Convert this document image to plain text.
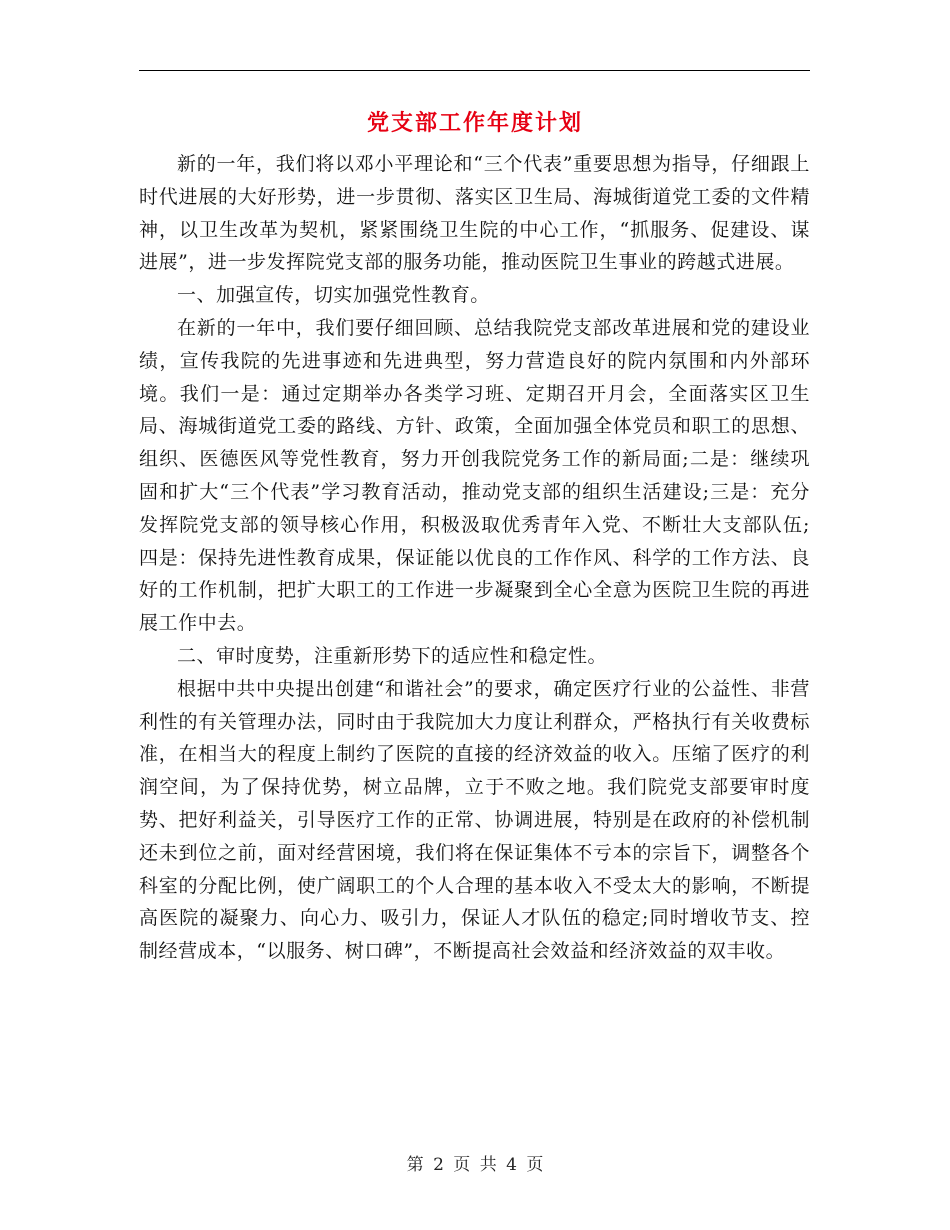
党支部工作年度计划

新的一年，我们将以邓小平理论和“三个代表”重要思想为指导，仔细跟上时代进展的大好形势，进一步贯彻、落实区卫生局、海城街道党工委的文件精神，以卫生改革为契机，紧紧围绕卫生院的中心工作，“抓服务、促建设、谋进展”，进一步发挥院党支部的服务功能，推动医院卫生事业的跨越式进展。

一、加强宣传，切实加强党性教育。

在新的一年中，我们要仔细回顾、总结我院党支部改革进展和党的建设业绩，宣传我院的先进事迹和先进典型，努力营造良好的院内氛围和内外部环境。我们一是：通过定期举办各类学习班、定期召开月会，全面落实区卫生局、海城街道党工委的路线、方针、政策，全面加强全体党员和职工的思想、组织、医德医风等党性教育，努力开创我院党务工作的新局面;二是：继续巩固和扩大“三个代表”学习教育活动，推动党支部的组织生活建设;三是：充分发挥院党支部的领导核心作用，积极汲取优秀青年入党、不断壮大支部队伍;四是：保持先进性教育成果，保证能以优良的工作作风、科学的工作方法、良好的工作机制，把扩大职工的工作进一步凝聚到全心全意为医院卫生院的再进展工作中去。

二、审时度势，注重新形势下的适应性和稳定性。

根据中共中央提出创建“和谐社会”的要求，确定医疗行业的公益性、非营利性的有关管理办法，同时由于我院加大力度让利群众，严格执行有关收费标准，在相当大的程度上制约了医院的直接的经济效益的收入。压缩了医疗的利润空间，为了保持优势，树立品牌，立于不败之地。我们院党支部要审时度势、把好利益关，引导医疗工作的正常、协调进展，特别是在政府的补偿机制还未到位之前，面对经营困境，我们将在保证集体不亏本的宗旨下，调整各个科室的分配比例，使广阔职工的个人合理的基本收入不受太大的影响，不断提高医院的凝聚力、向心力、吸引力，保证人才队伍的稳定;同时增收节支、控制经营成本，“以服务、树口碑”，不断提高社会效益和经济效益的双丰收。

第 2 页 共 4 页
